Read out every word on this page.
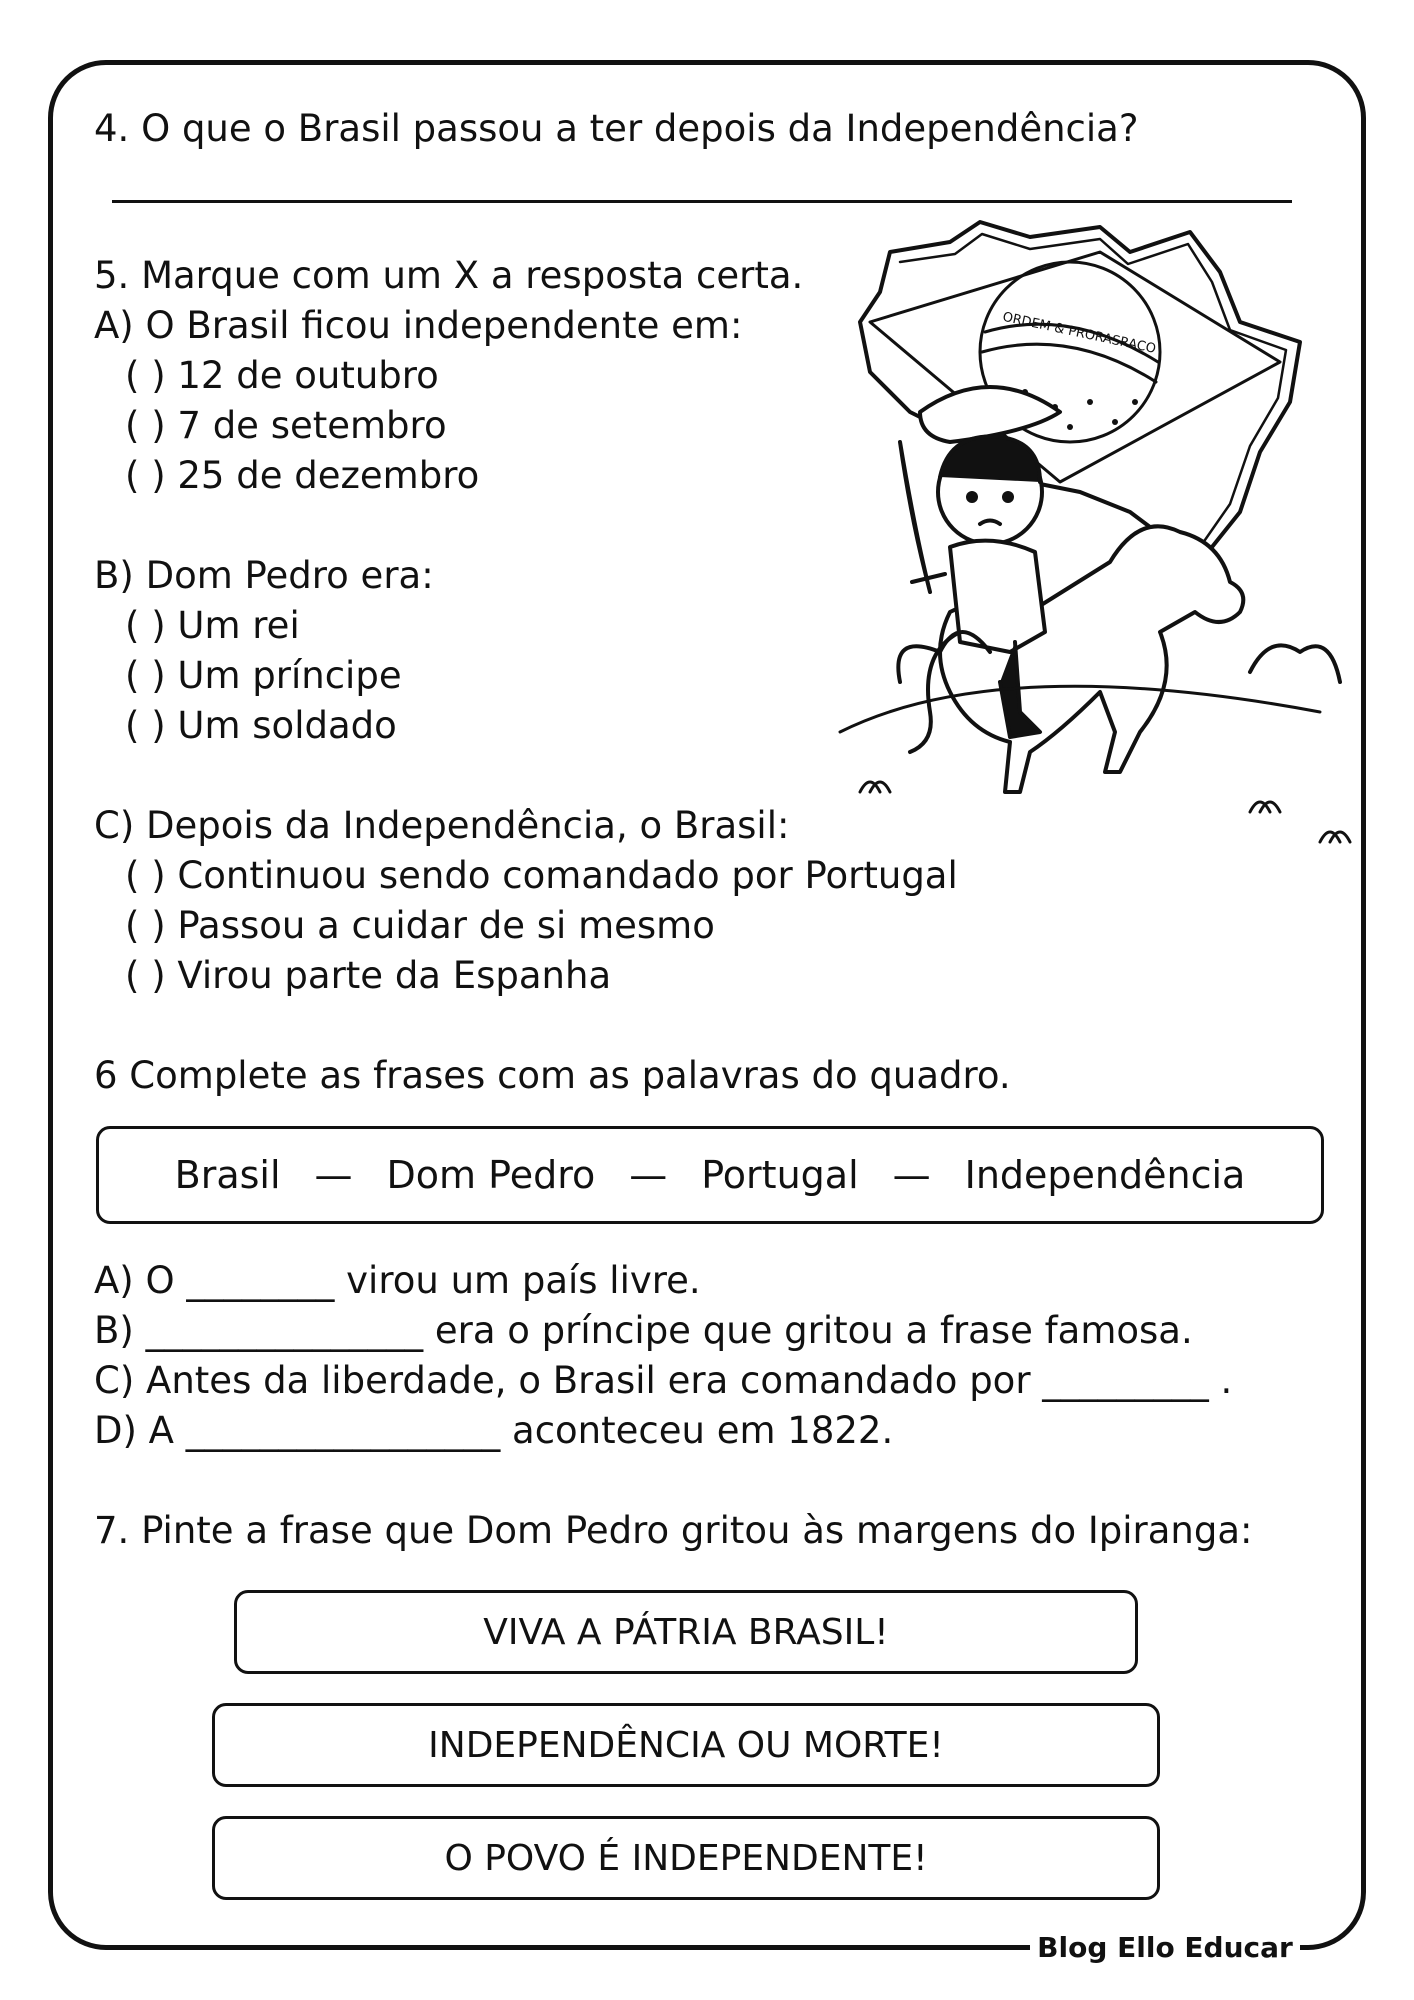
4. O que o Brasil passou a ter depois da Independência?
5. Marque com um X a resposta certa.
A) O Brasil ficou independente em:
( ) 12 de outubro
( ) 7 de setembro
( ) 25 de dezembro
B) Dom Pedro era:
( ) Um rei
( ) Um príncipe
( ) Um soldado
C) Depois da Independência, o Brasil:
( ) Continuou sendo comandado por Portugal
( ) Passou a cuidar de si mesmo
( ) Virou parte da Espanha
6 Complete as frases com as palavras do quadro.
Brasil — Dom Pedro — Portugal — Independência
A) O ________ virou um país livre.
B) _______________ era o príncipe que gritou a frase famosa.
C) Antes da liberdade, o Brasil era comandado por _________ .
D) A _________________ aconteceu em 1822.
7. Pinte a frase que Dom Pedro gritou às margens do Ipiranga:
VIVA A PÁTRIA BRASIL!
INDEPENDÊNCIA OU MORTE!
O POVO É INDEPENDENTE!
ORDEM & PRORASRACO
Blog Ello Educar
